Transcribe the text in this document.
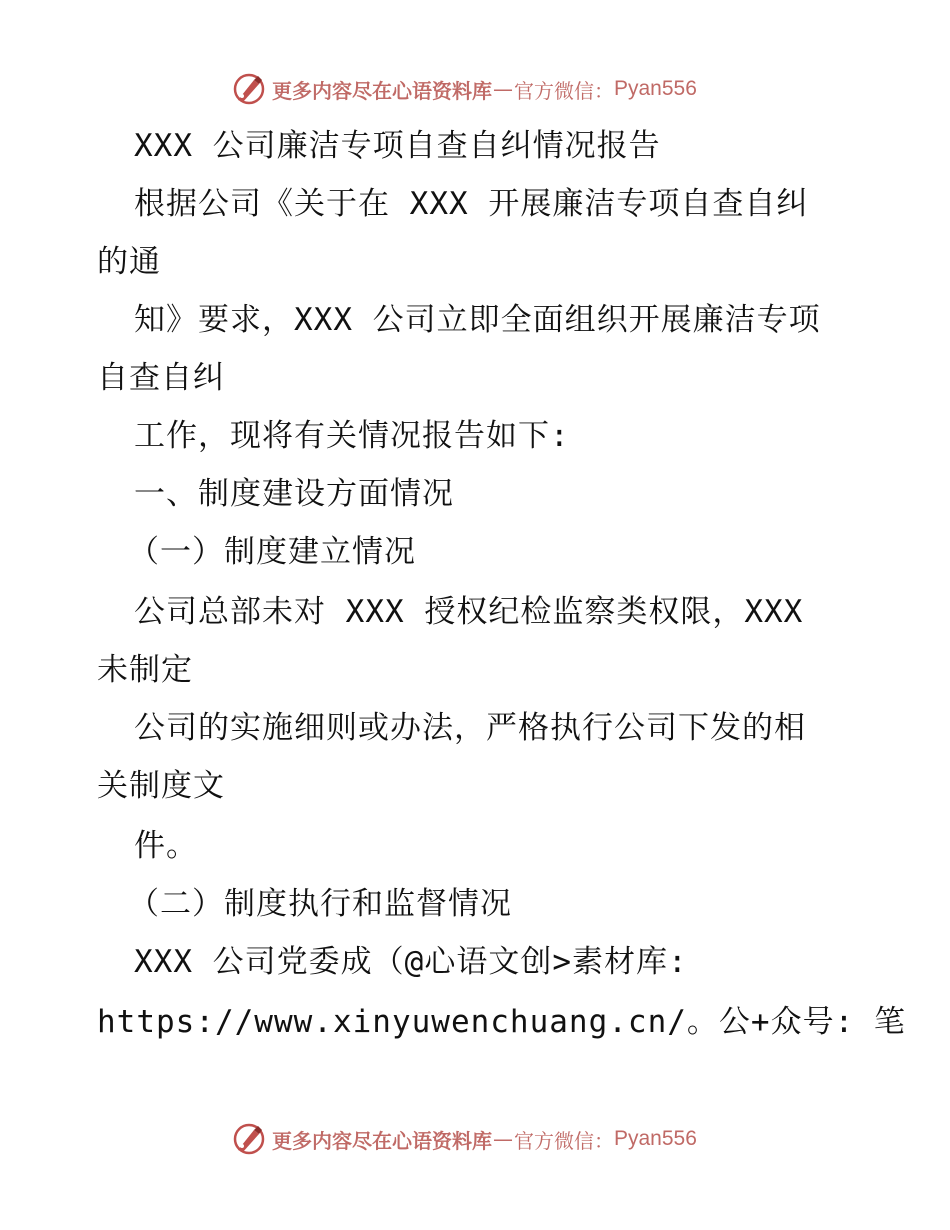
更多内容尽在心语资料库 — 官方微信： Pyan556
XXX 公司廉洁专项自查自纠情况报告
根据公司《关于在 XXX 开展廉洁专项自查自纠
的通
知》要求，XXX 公司立即全面组织开展廉洁专项
自查自纠
工作，现将有关情况报告如下:
一、制度建设方面情况
（一）制度建立情况
公司总部未对 XXX 授权纪检监察类权限，XXX
未制定
公司的实施细则或办法，严格执行公司下发的相
关制度文
件。
（二）制度执行和监督情况
XXX 公司党委成（@心语文创>素材库:
https://www.xinyuwenchuang.cn/。公+众号: 笔
更多内容尽在心语资料库 — 官方微信： Pyan556
